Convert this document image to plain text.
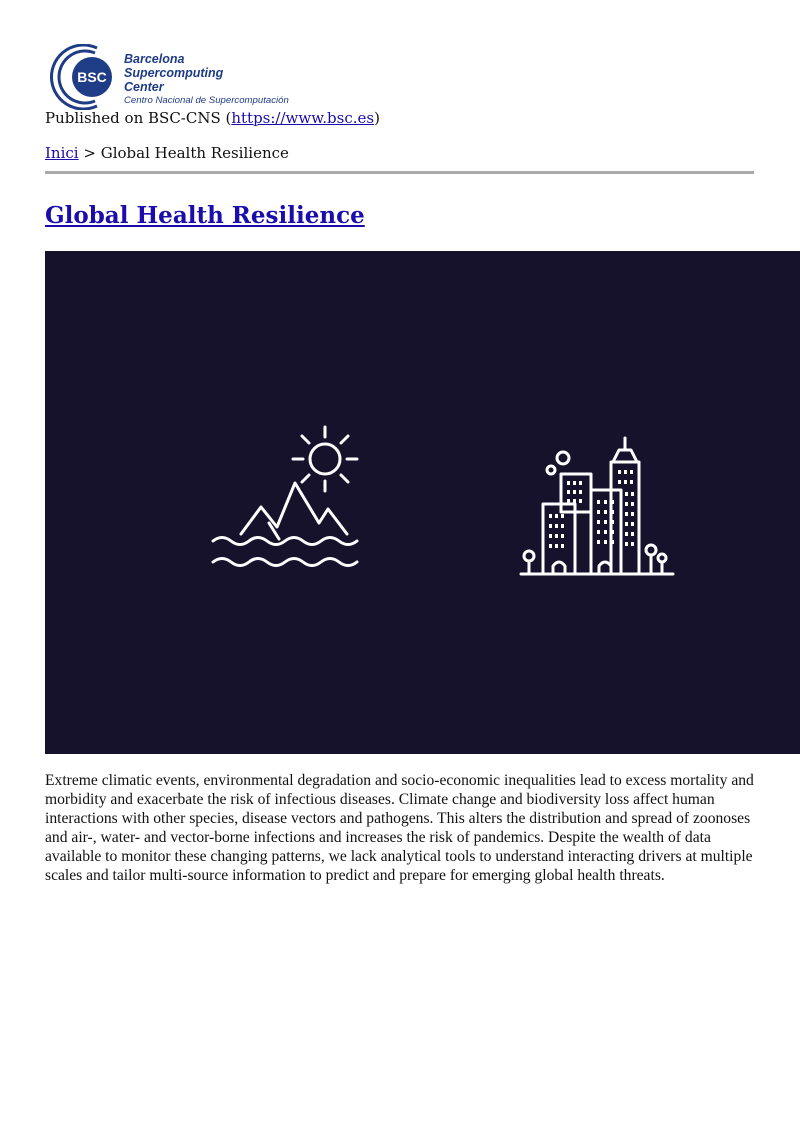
BSC
Barcelona
Supercomputing
Center
Centro Nacional de Supercomputación
Published on BSC-CNS (https://www.bsc.es)
Inici > Global Health Resilience
Global Health Resilience

Extreme climatic events, environmental degradation and socio-economic inequalities lead to excess mortality and morbidity and exacerbate the risk of infectious diseases. Climate change and biodiversity loss affect human interactions with other species, disease vectors and pathogens. This alters the distribution and spread of zoonoses and air-, water- and vector-borne infections and increases the risk of pandemics. Despite the wealth of data available to monitor these changing patterns, we lack analytical tools to understand interacting drivers at multiple scales and tailor multi-source information to predict and prepare for emerging global health threats.
